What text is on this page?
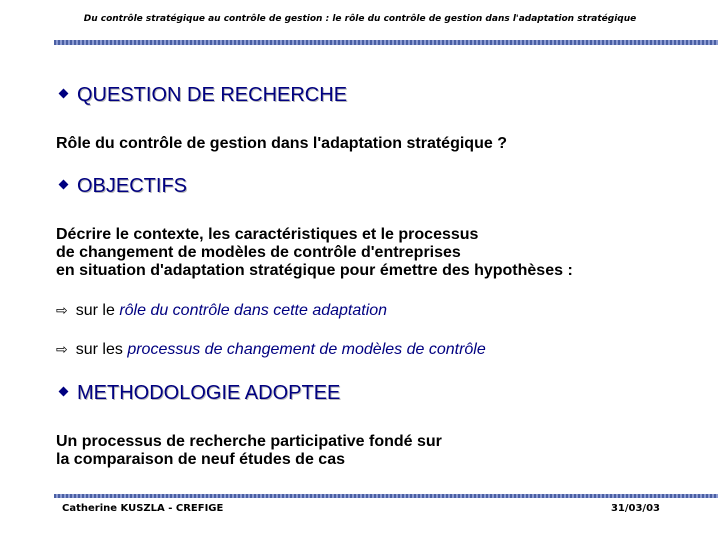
Du contrôle stratégique au contrôle de gestion : le rôle du contrôle de gestion dans l'adaptation stratégique
QUESTION DE RECHERCHE
Rôle du contrôle de gestion dans l'adaptation stratégique ?
OBJECTIFS
Décrire le contexte, les caractéristiques et le processus
de changement de modèles de contrôle d'entreprises
en situation d'adaptation stratégique pour émettre des hypothèses :
⇨ sur le rôle du contrôle dans cette adaptation
⇨ sur les processus de changement de modèles de contrôle
METHODOLOGIE ADOPTEE
Un processus de recherche participative fondé sur
la comparaison de neuf études de cas
Catherine KUSZLA - CREFIGE	31/03/03
